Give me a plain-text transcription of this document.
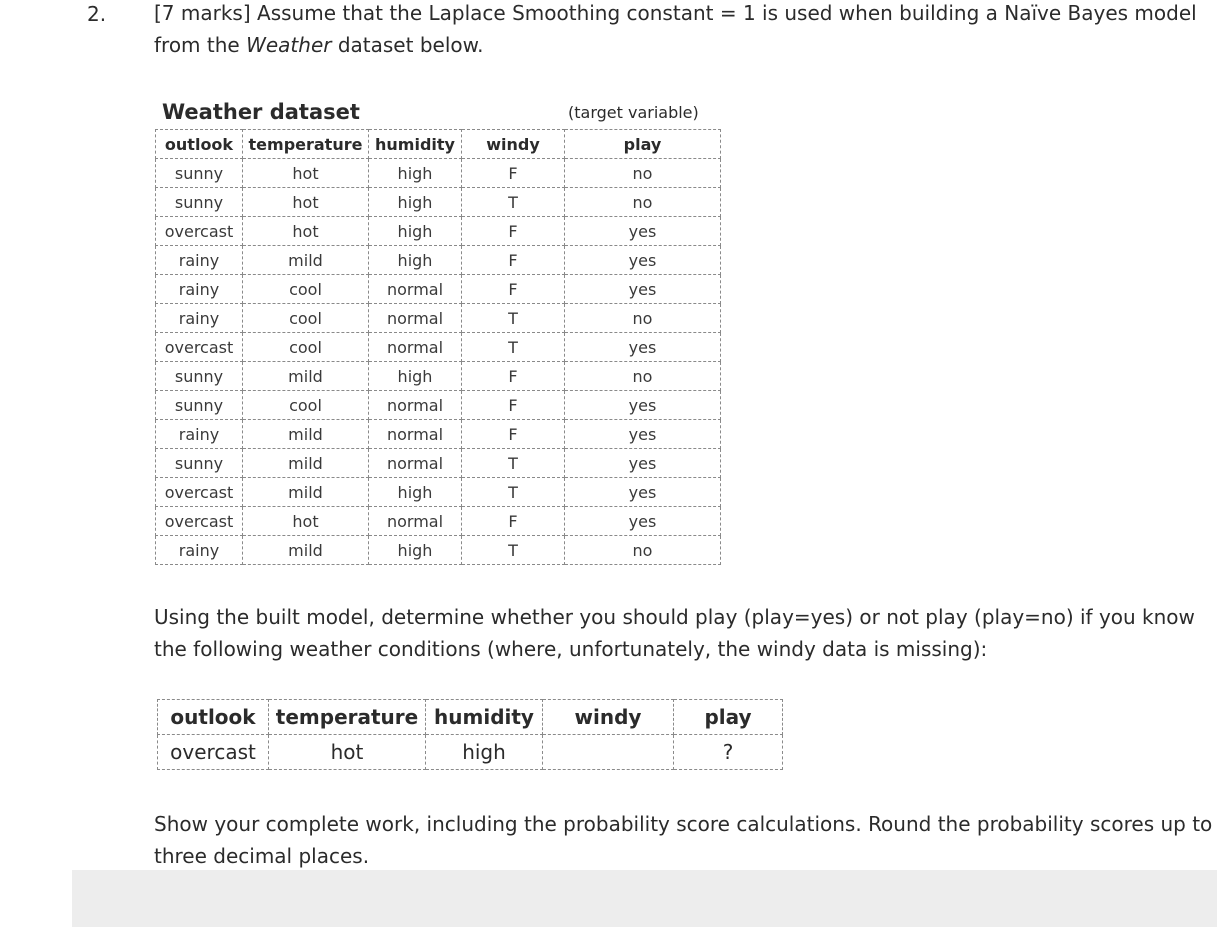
2. [7 marks] Assume that the Laplace Smoothing constant = 1 is used when building a Naïve Bayes model from the Weather dataset below.

Weather dataset	(target variable)
outlook	temperature	humidity	windy	play
sunny	hot	high	F	no
sunny	hot	high	T	no
overcast	hot	high	F	yes
rainy	mild	high	F	yes
rainy	cool	normal	F	yes
rainy	cool	normal	T	no
overcast	cool	normal	T	yes
sunny	mild	high	F	no
sunny	cool	normal	F	yes
rainy	mild	normal	F	yes
sunny	mild	normal	T	yes
overcast	mild	high	T	yes
overcast	hot	normal	F	yes
rainy	mild	high	T	no

Using the built model, determine whether you should play (play=yes) or not play (play=no) if you know the following weather conditions (where, unfortunately, the windy data is missing):

outlook	temperature	humidity	windy	play
overcast	hot	high		?

Show your complete work, including the probability score calculations. Round the probability scores up to three decimal places.
